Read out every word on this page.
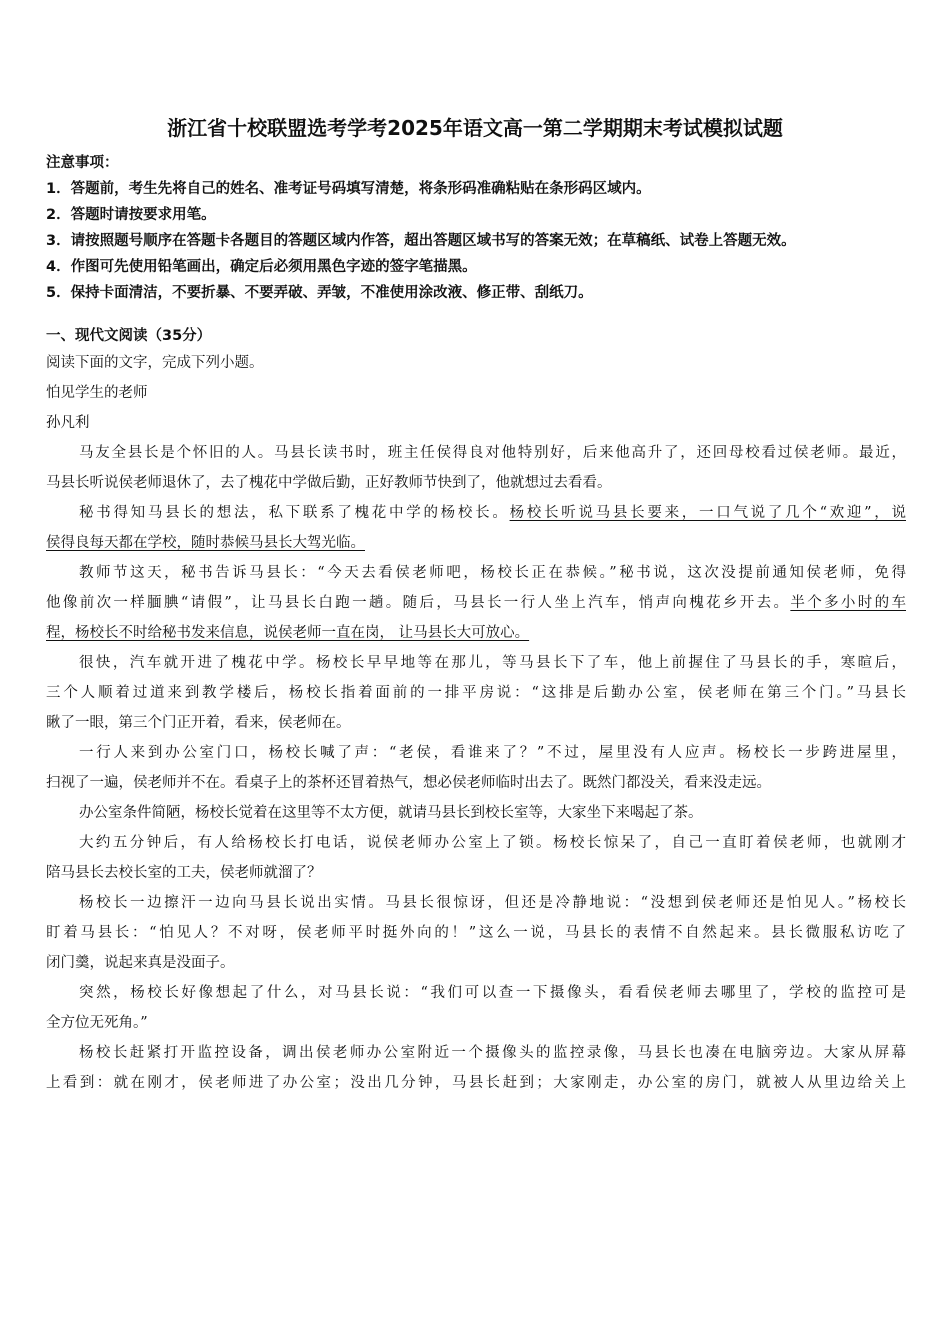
浙江省十校联盟选考学考2025年语文高一第二学期期末考试模拟试题
注意事项：
1．答题前，考生先将自己的姓名、准考证号码填写清楚，将条形码准确粘贴在条形码区域内。
2．答题时请按要求用笔。
3．请按照题号顺序在答题卡各题目的答题区域内作答，超出答题区域书写的答案无效；在草稿纸、试卷上答题无效。
4．作图可先使用铅笔画出，确定后必须用黑色字迹的签字笔描黑。
5．保持卡面清洁，不要折暴、不要弄破、弄皱，不准使用涂改液、修正带、刮纸刀。
一、现代文阅读（35分）
阅读下面的文字，完成下列小题。
怕见学生的老师
孙凡利
马友全县长是个怀旧的人。马县长读书时，班主任侯得良对他特别好，后来他高升了，还回母校看过侯老师。最近，
马县长听说侯老师退休了，去了槐花中学做后勤，正好教师节快到了，他就想过去看看。
秘书得知马县长的想法，私下联系了槐花中学的杨校长。杨校长听说马县长要来，一口气说了几个“欢迎”，说
侯得良每天都在学校，随时恭候马县长大驾光临。
教师节这天，秘书告诉马县长：“今天去看侯老师吧，杨校长正在恭候。”秘书说，这次没提前通知侯老师，免得
他像前次一样腼腆“请假”，让马县长白跑一趟。随后，马县长一行人坐上汽车，悄声向槐花乡开去。半个多小时的车
程，杨校长不时给秘书发来信息，说侯老师一直在岗， 让马县长大可放心。
很快，汽车就开进了槐花中学。杨校长早早地等在那儿，等马县长下了车，他上前握住了马县长的手，寒暄后，
三个人顺着过道来到教学楼后，杨校长指着面前的一排平房说：“这排是后勤办公室，侯老师在第三个门。”马县长
瞅了一眼，第三个门正开着，看来，侯老师在。
一行人来到办公室门口，杨校长喊了声：“老侯，看谁来了？”不过，屋里没有人应声。杨校长一步跨进屋里，
扫视了一遍，侯老师并不在。看桌子上的茶杯还冒着热气，想必侯老师临时出去了。既然门都没关，看来没走远。
办公室条件简陋，杨校长觉着在这里等不太方便，就请马县长到校长室等，大家坐下来喝起了茶。
大约五分钟后，有人给杨校长打电话，说侯老师办公室上了锁。杨校长惊呆了，自己一直盯着侯老师，也就刚才
陪马县长去校长室的工夫，侯老师就溜了？
杨校长一边擦汗一边向马县长说出实情。马县长很惊讶，但还是冷静地说：“没想到侯老师还是怕见人。”杨校长
盯着马县长：“怕见人？不对呀，侯老师平时挺外向的！”这么一说，马县长的表情不自然起来。县长微服私访吃了
闭门羹，说起来真是没面子。
突然，杨校长好像想起了什么，对马县长说：“我们可以查一下摄像头，看看侯老师去哪里了，学校的监控可是
全方位无死角。”
杨校长赶紧打开监控设备，调出侯老师办公室附近一个摄像头的监控录像，马县长也凑在电脑旁边。大家从屏幕
上看到：就在刚才，侯老师进了办公室；没出几分钟，马县长赶到；大家刚走，办公室的房门，就被人从里边给关上
